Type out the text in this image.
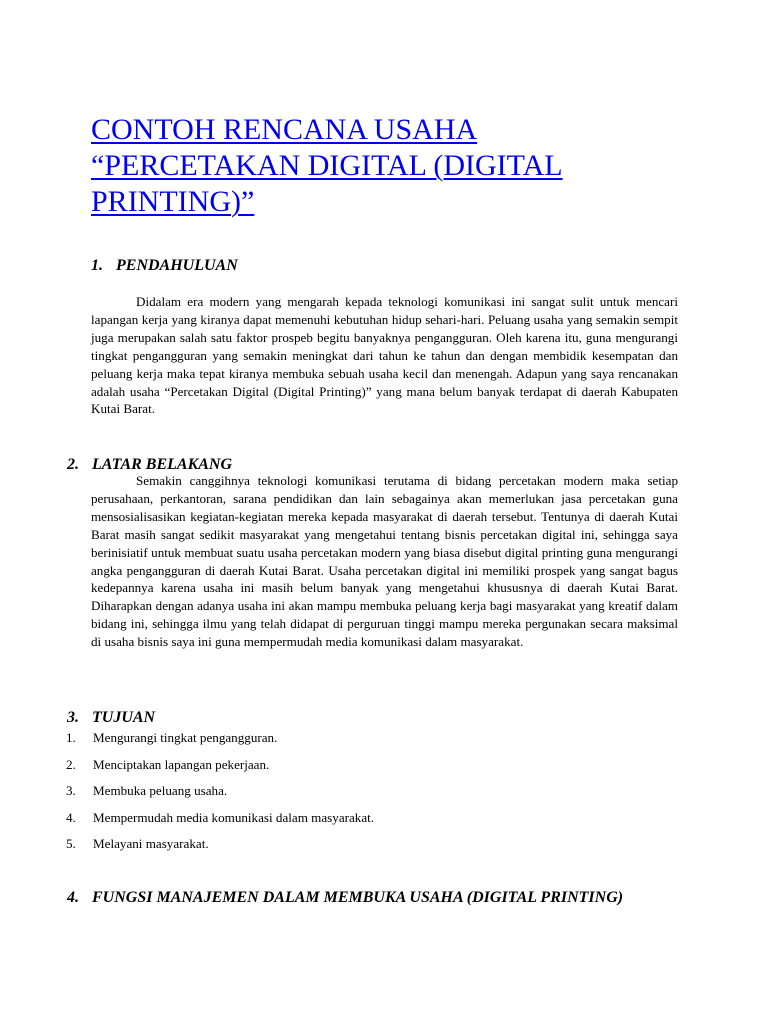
CONTOH RENCANA USAHA
“PERCETAKAN DIGITAL (DIGITAL
PRINTING)”
1. PENDAHULUAN

Didalam era modern yang mengarah kepada teknologi komunikasi ini sangat sulit untuk mencari lapangan kerja yang kiranya dapat memenuhi kebutuhan hidup sehari-hari. Peluang usaha yang semakin sempit juga merupakan salah satu faktor prospeb begitu banyaknya pengangguran. Oleh karena itu, guna mengurangi tingkat pengangguran yang semakin meningkat dari tahun ke tahun dan dengan membidik kesempatan dan peluang kerja maka tepat kiranya membuka sebuah usaha kecil dan menengah. Adapun yang saya rencanakan adalah usaha “Percetakan Digital (Digital Printing)” yang mana belum banyak terdapat di daerah Kabupaten Kutai Barat.

2. LATAR BELAKANG

Semakin canggihnya teknologi komunikasi terutama di bidang percetakan modern maka setiap perusahaan, perkantoran, sarana pendidikan dan lain sebagainya akan memerlukan jasa percetakan guna mensosialisasikan kegiatan-kegiatan mereka kepada masyarakat di daerah tersebut. Tentunya di daerah Kutai Barat masih sangat sedikit masyarakat yang mengetahui tentang bisnis percetakan digital ini, sehingga saya berinisiatif untuk membuat suatu usaha percetakan modern yang biasa disebut digital printing guna mengurangi angka pengangguran di daerah Kutai Barat. Usaha percetakan digital ini memiliki prospek yang sangat bagus kedepannya karena usaha ini masih belum banyak yang mengetahui khususnya di daerah Kutai Barat. Diharapkan dengan adanya usaha ini akan mampu membuka peluang kerja bagi masyarakat yang kreatif dalam bidang ini, sehingga ilmu yang telah didapat di perguruan tinggi mampu mereka pergunakan secara maksimal di usaha bisnis saya ini guna mempermudah media komunikasi dalam masyarakat.

3. TUJUAN
1. Mengurangi tingkat pengangguran.
2. Menciptakan lapangan pekerjaan.
3. Membuka peluang usaha.
4. Mempermudah media komunikasi dalam masyarakat.
5. Melayani masyarakat.
4. FUNGSI MANAJEMEN DALAM MEMBUKA USAHA (DIGITAL PRINTING)
